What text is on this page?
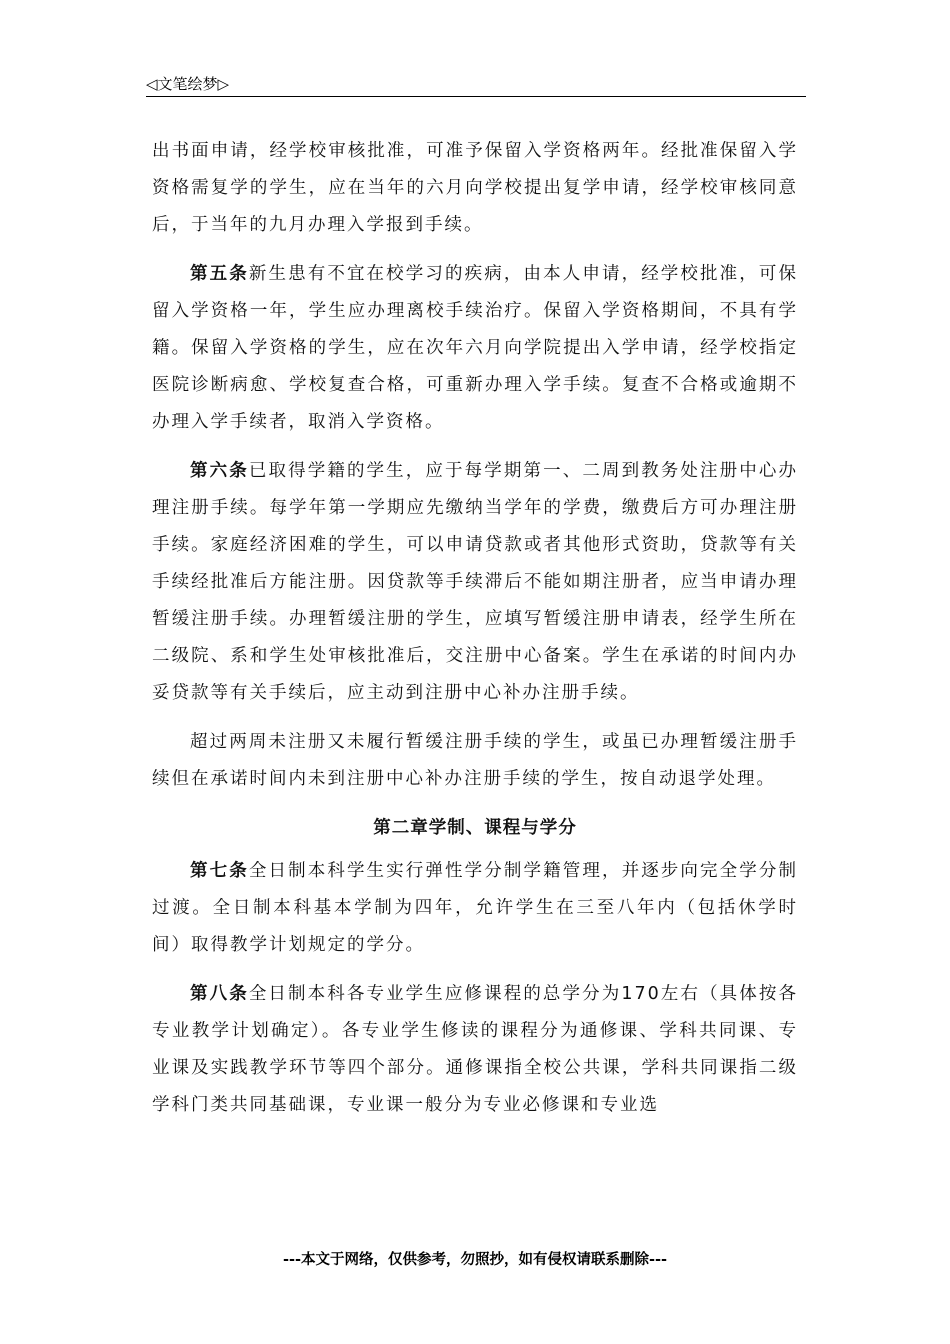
◁文笔绘梦▷

出书面申请，经学校审核批准，可准予保留入学资格两年。经批准保留入学资格需复学的学生，应在当年的六月向学校提出复学申请，经学校审核同意后，于当年的九月办理入学报到手续。

第五条新生患有不宜在校学习的疾病，由本人申请，经学校批准，可保留入学资格一年，学生应办理离校手续治疗。保留入学资格期间，不具有学籍。保留入学资格的学生，应在次年六月向学院提出入学申请，经学校指定医院诊断病愈、学校复查合格，可重新办理入学手续。复查不合格或逾期不办理入学手续者，取消入学资格。

第六条已取得学籍的学生，应于每学期第一、二周到教务处注册中心办理注册手续。每学年第一学期应先缴纳当学年的学费，缴费后方可办理注册手续。家庭经济困难的学生，可以申请贷款或者其他形式资助，贷款等有关手续经批准后方能注册。因贷款等手续滞后不能如期注册者，应当申请办理暂缓注册手续。办理暂缓注册的学生，应填写暂缓注册申请表，经学生所在二级院、系和学生处审核批准后，交注册中心备案。学生在承诺的时间内办妥贷款等有关手续后，应主动到注册中心补办注册手续。

超过两周未注册又未履行暂缓注册手续的学生，或虽已办理暂缓注册手续但在承诺时间内未到注册中心补办注册手续的学生，按自动退学处理。

第二章学制、课程与学分

第七条全日制本科学生实行弹性学分制学籍管理，并逐步向完全学分制过渡。全日制本科基本学制为四年，允许学生在三至八年内（包括休学时间）取得教学计划规定的学分。

第八条全日制本科各专业学生应修课程的总学分为170左右（具体按各专业教学计划确定）。各专业学生修读的课程分为通修课、学科共同课、专业课及实践教学环节等四个部分。通修课指全校公共课，学科共同课指二级学科门类共同基础课，专业课一般分为专业必修课和专业选

---本文于网络，仅供参考，勿照抄，如有侵权请联系删除---
